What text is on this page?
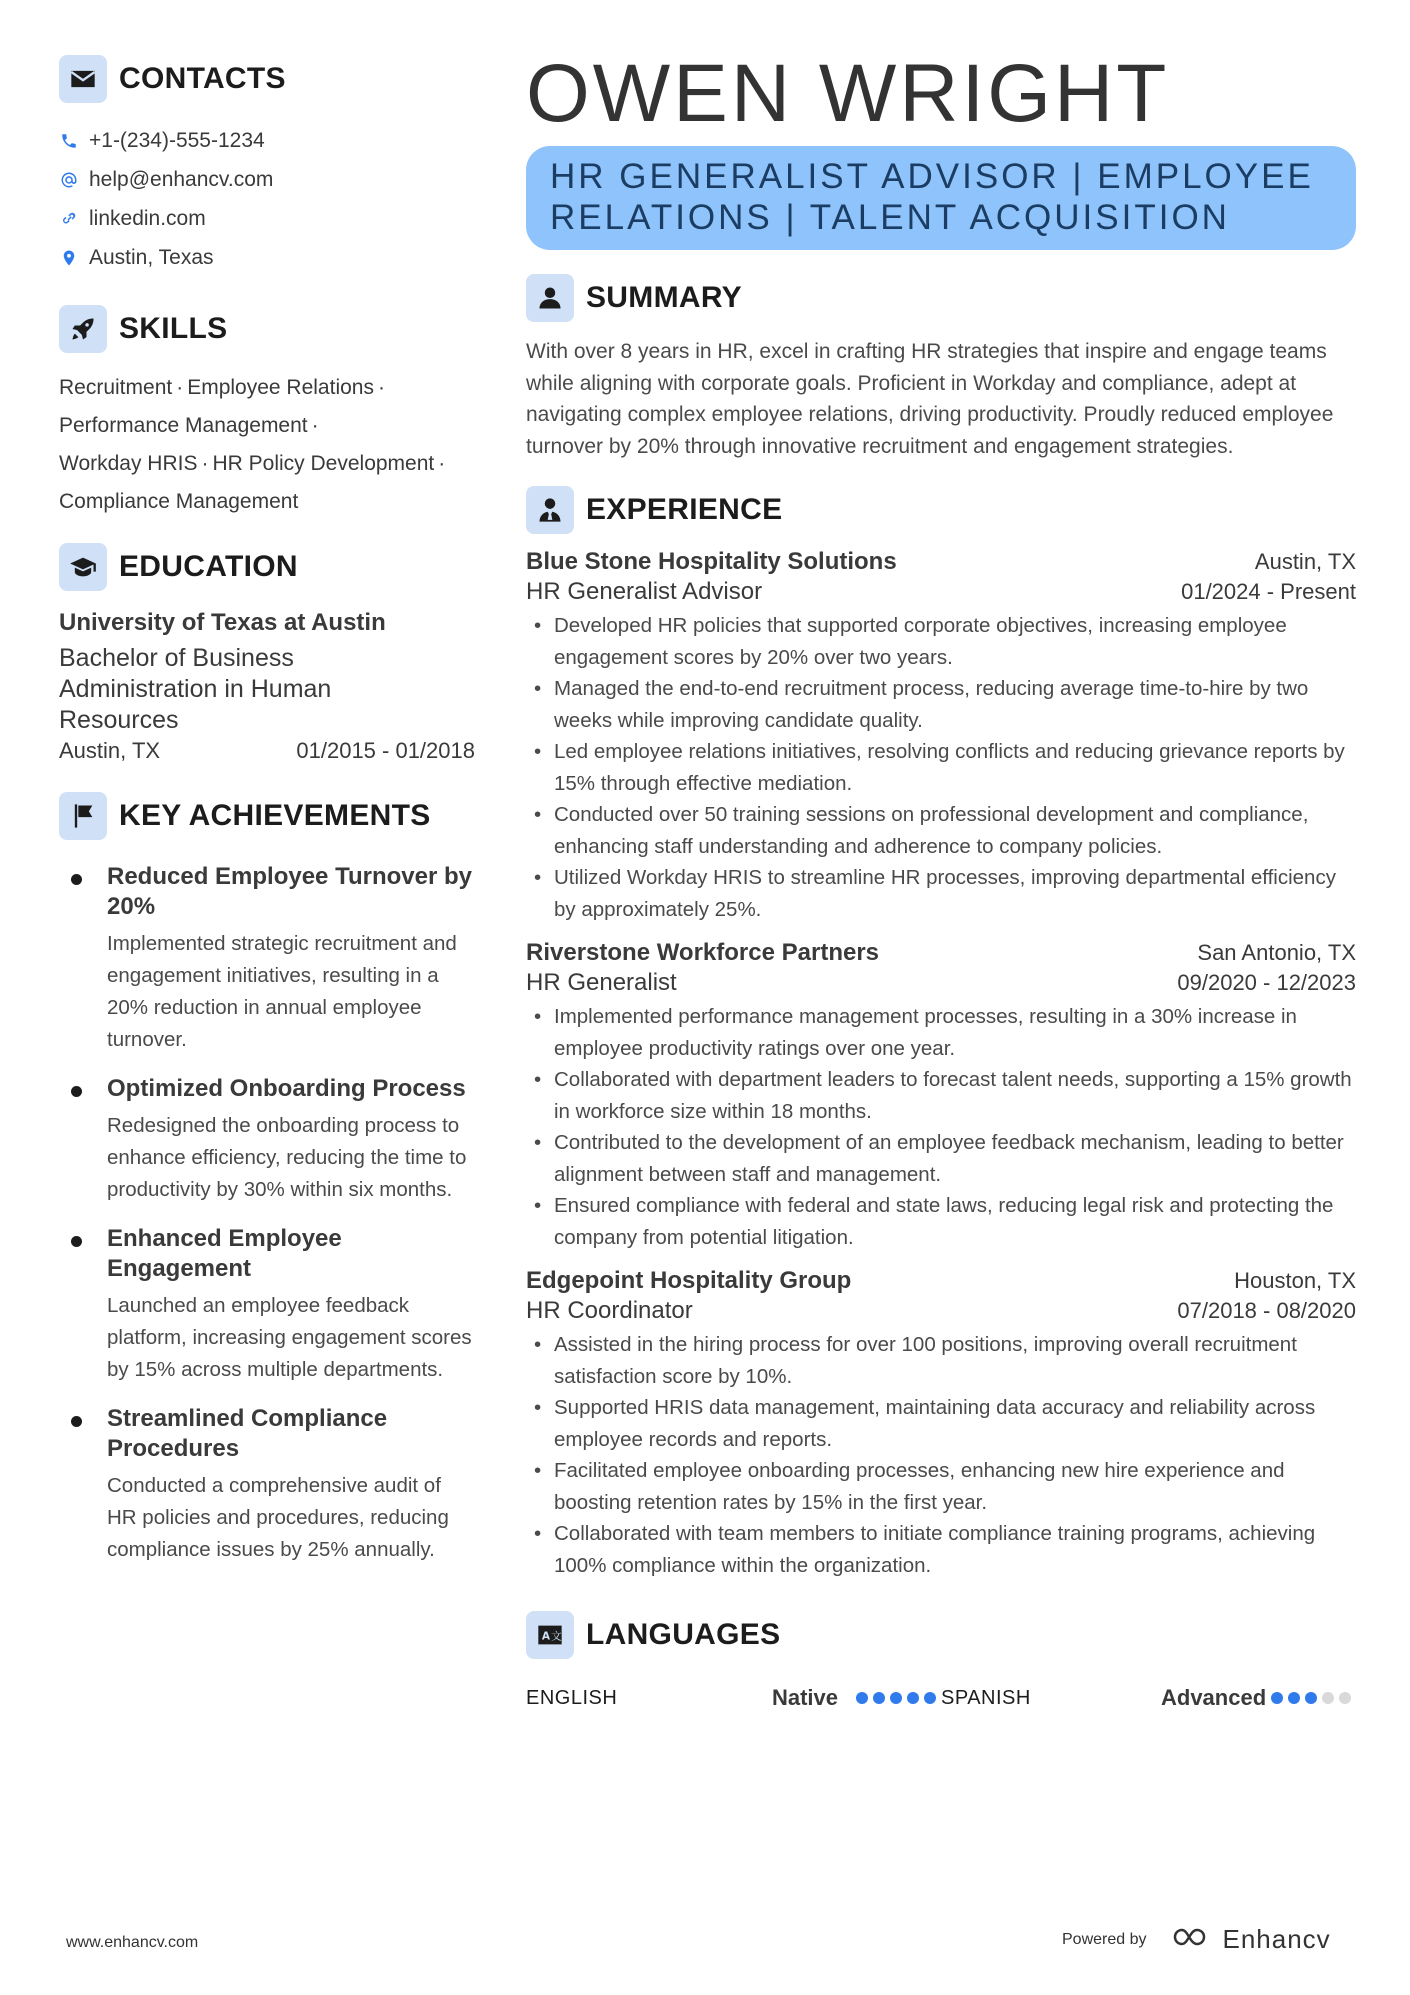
CONTACTS
+1-(234)-555-1234
help@enhancv.com
linkedin.com
Austin, Texas
SKILLS
Recruitment · Employee Relations ·
Performance Management ·
Workday HRIS · HR Policy Development ·
Compliance Management
EDUCATION
University of Texas at Austin
Bachelor of Business Administration in Human Resources
Austin, TX	01/2015 - 01/2018
KEY ACHIEVEMENTS
Reduced Employee Turnover by 20%
Implemented strategic recruitment and engagement initiatives, resulting in a 20% reduction in annual employee turnover.
Optimized Onboarding Process
Redesigned the onboarding process to enhance efficiency, reducing the time to productivity by 30% within six months.
Enhanced Employee Engagement
Launched an employee feedback platform, increasing engagement scores by 15% across multiple departments.
Streamlined Compliance Procedures
Conducted a comprehensive audit of HR policies and procedures, reducing compliance issues by 25% annually.
OWEN WRIGHT
HR GENERALIST ADVISOR | EMPLOYEE RELATIONS | TALENT ACQUISITION
SUMMARY
With over 8 years in HR, excel in crafting HR strategies that inspire and engage teams while aligning with corporate goals. Proficient in Workday and compliance, adept at navigating complex employee relations, driving productivity. Proudly reduced employee turnover by 20% through innovative recruitment and engagement strategies.
EXPERIENCE
Blue Stone Hospitality Solutions	Austin, TX
HR Generalist Advisor	01/2024 - Present
• Developed HR policies that supported corporate objectives, increasing employee engagement scores by 20% over two years.
• Managed the end-to-end recruitment process, reducing average time-to-hire by two weeks while improving candidate quality.
• Led employee relations initiatives, resolving conflicts and reducing grievance reports by 15% through effective mediation.
• Conducted over 50 training sessions on professional development and compliance, enhancing staff understanding and adherence to company policies.
• Utilized Workday HRIS to streamline HR processes, improving departmental efficiency by approximately 25%.
Riverstone Workforce Partners	San Antonio, TX
HR Generalist	09/2020 - 12/2023
• Implemented performance management processes, resulting in a 30% increase in employee productivity ratings over one year.
• Collaborated with department leaders to forecast talent needs, supporting a 15% growth in workforce size within 18 months.
• Contributed to the development of an employee feedback mechanism, leading to better alignment between staff and management.
• Ensured compliance with federal and state laws, reducing legal risk and protecting the company from potential litigation.
Edgepoint Hospitality Group	Houston, TX
HR Coordinator	07/2018 - 08/2020
• Assisted in the hiring process for over 100 positions, improving overall recruitment satisfaction score by 10%.
• Supported HRIS data management, maintaining data accuracy and reliability across employee records and reports.
• Facilitated employee onboarding processes, enhancing new hire experience and boosting retention rates by 15% in the first year.
• Collaborated with team members to initiate compliance training programs, achieving 100% compliance within the organization.
A 文 LANGUAGES
ENGLISH	Native	SPANISH	Advanced
www.enhancv.com	Powered by	Enhancv
